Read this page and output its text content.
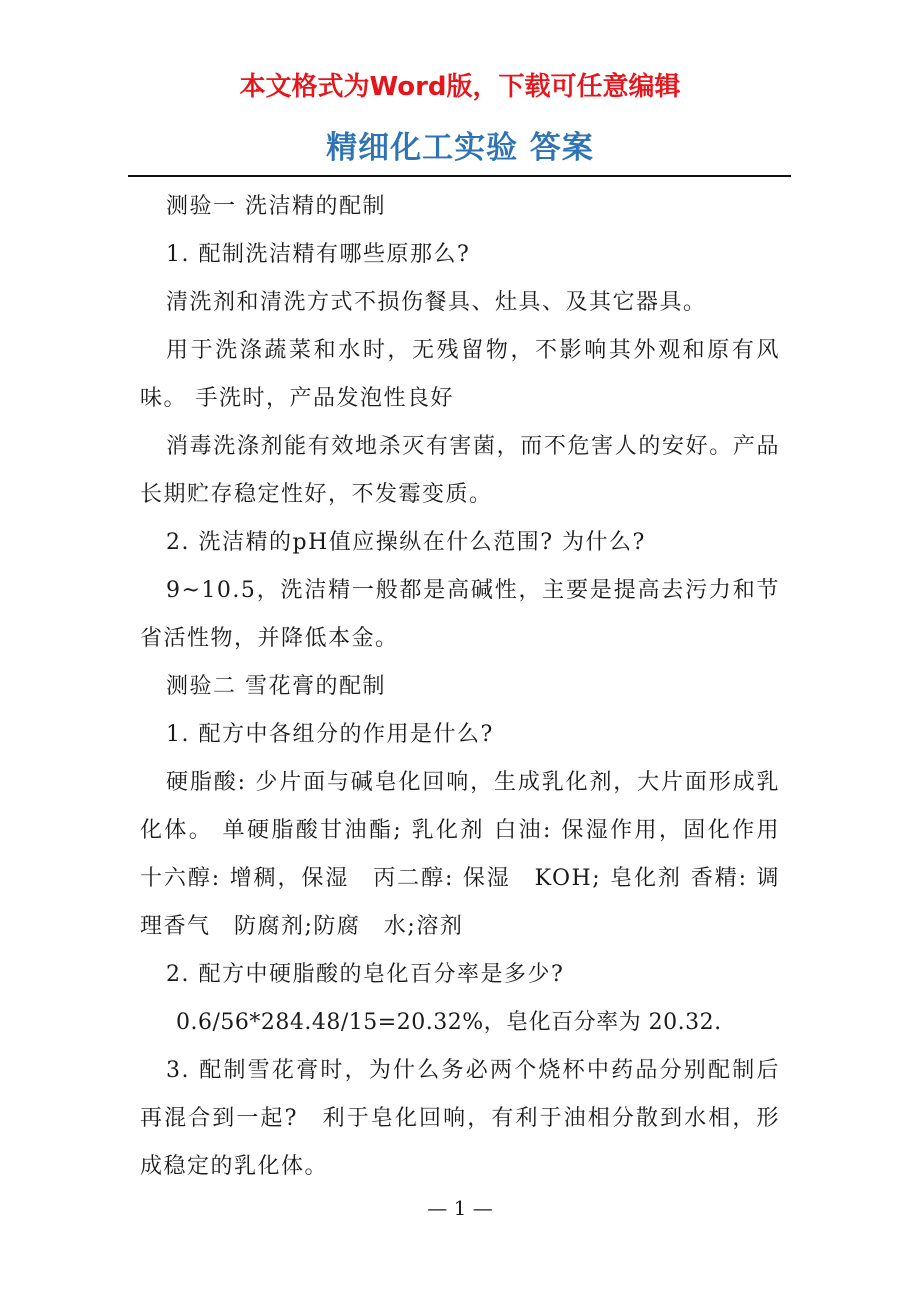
本文格式为Word版，下载可任意编辑
精细化工实验 答案

测验一 洗洁精的配制

1. 配制洗洁精有哪些原那么?

清洗剂和清洗方式不损伤餐具、灶具、及其它器具。

用于洗涤蔬菜和水时，无残留物，不影响其外观和原有风味。 手洗时，产品发泡性良好

消毒洗涤剂能有效地杀灭有害菌，而不危害人的安好。产品长期贮存稳定性好，不发霉变质。

2. 洗洁精的pH值应操纵在什么范围? 为什么?

9~10.5，洗洁精一般都是高碱性，主要是提高去污力和节省活性物，并降低本金。

测验二 雪花膏的配制

1. 配方中各组分的作用是什么?

硬脂酸: 少片面与碱皂化回响，生成乳化剂，大片面形成乳化体。 单硬脂酸甘油酯; 乳化剂 白油: 保湿作用，固化作用　十六醇: 增稠，保湿　丙二醇: 保湿　KOH; 皂化剂 香精: 调理香气　防腐剂;防腐　水;溶剂

2. 配方中硬脂酸的皂化百分率是多少?

0.6/56*284.48/15=20.32%，皂化百分率为 20.32.

3. 配制雪花膏时，为什么务必两个烧杯中药品分别配制后再混合到一起?　利于皂化回响，有利于油相分散到水相，形成稳定的乳化体。

— 1 —
